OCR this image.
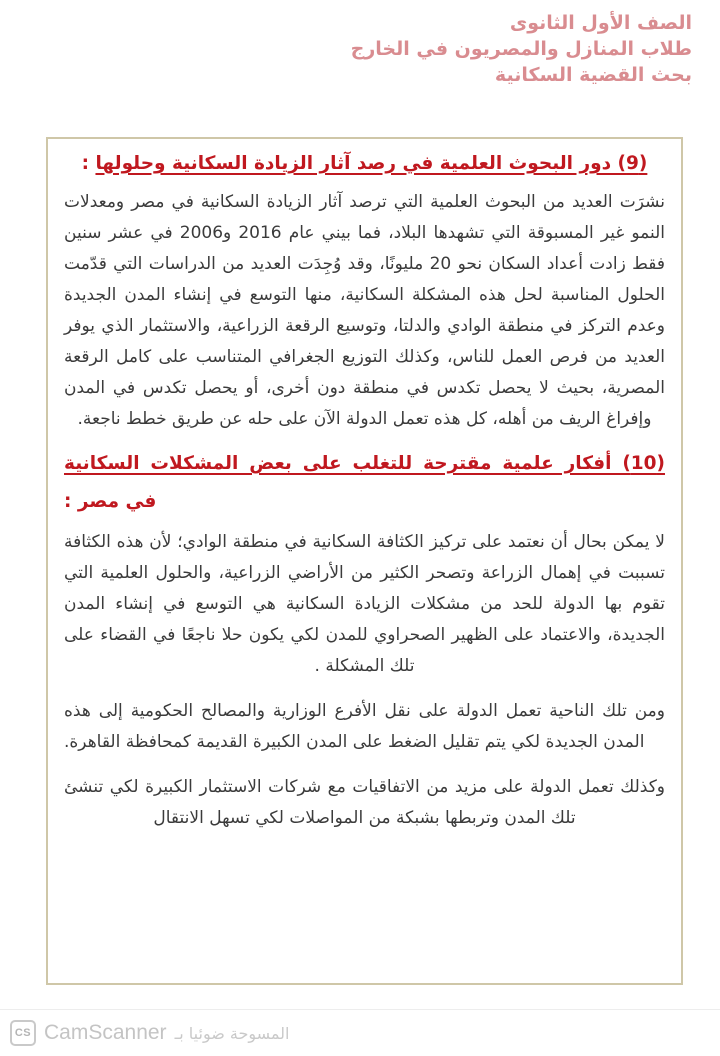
الصف الأول الثانوى
طلاب المنازل والمصريون في الخارج
بحث القضية السكانية
(9) دور البحوث العلمية في رصد آثار الزيادة السكانية وحلولها :

نشرَت العديد من البحوث العلمية التي ترصد آثار الزيادة السكانية في مصر ومعدلات النمو غير المسبوقة التي تشهدها البلاد، فما بيني عام 2016 و2006 في عشر سنين فقط زادت أعداد السكان نحو 20 مليونًا، وقد وُجِدَت العديد من الدراسات التي قدّمت الحلول المناسبة لحل هذه المشكلة السكانية، منها التوسع في إنشاء المدن الجديدة وعدم التركز في منطقة الوادي والدلتا، وتوسيع الرقعة الزراعية، والاستثمار الذي يوفر العديد من فرص العمل للناس، وكذلك التوزيع الجغرافي المتناسب على كامل الرقعة المصرية، بحيث لا يحصل تكدس في منطقة دون أخرى، أو يحصل تكدس في المدن وإفراغ الريف من أهله، كل هذه تعمل الدولة الآن على حله عن طريق خطط ناجعة.

(10) أفكار علمية مقترحة للتغلب على بعض المشكلات السكانية
في مصر :

لا يمكن بحال أن نعتمد على تركيز الكثافة السكانية في منطقة الوادي؛ لأن هذه الكثافة تسببت في إهمال الزراعة وتصحر الكثير من الأراضي الزراعية، والحلول العلمية التي تقوم بها الدولة للحد من مشكلات الزيادة السكانية هي التوسع في إنشاء المدن الجديدة، والاعتماد على الظهير الصحراوي للمدن لكي يكون حلا ناجعًا في القضاء على تلك المشكلة .

ومن تلك الناحية تعمل الدولة على نقل الأفرع الوزارية والمصالح الحكومية إلى هذه المدن الجديدة لكي يتم تقليل الضغط على المدن الكبيرة القديمة كمحافظة القاهرة.

وكذلك تعمل الدولة على مزيد من الاتفاقيات مع شركات الاستثمار الكبيرة لكي تنشئ تلك المدن وتربطها بشبكة من المواصلات لكي تسهل الانتقال

CS CamScanner المسوحة ضوئيا بـ
